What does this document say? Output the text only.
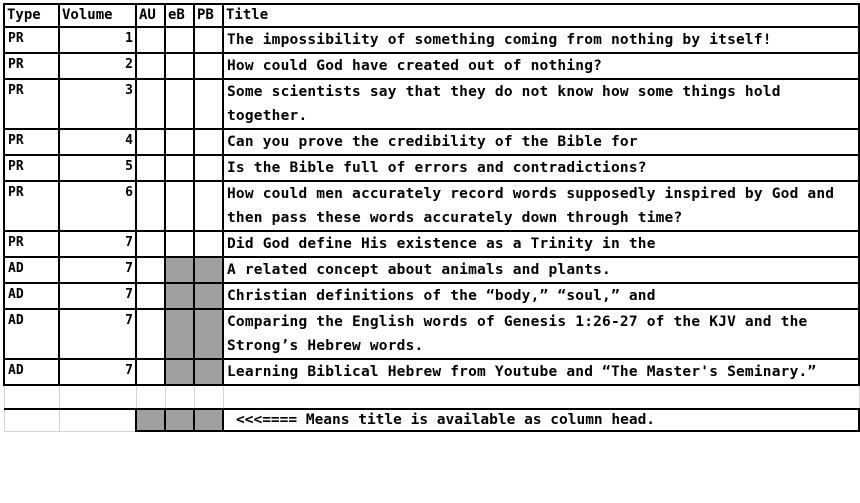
Type	Volume	AU	eB	PB	Title
PR	1				The impossibility of something coming from nothing by itself!
PR	2				How could God have created out of nothing?
PR	3				Some scientists say that they do not know how some things hold together.
PR	4				Can you prove the credibility of the Bible for
PR	5				Is the Bible full of errors and contradictions?
PR	6				How could men accurately record words supposedly inspired by God and then pass these words accurately down through time?
PR	7				Did God define His existence as a Trinity in the
AD	7				A related concept about animals and plants.
AD	7				Christian definitions of the “body,” “soul,” and
AD	7				Comparing the English words of Genesis 1:26-27 of the KJV and the Strong’s Hebrew words.
AD	7				Learning Biblical Hebrew from Youtube and “The Master's Seminary.”

					<<<==== Means title is available as column head.
